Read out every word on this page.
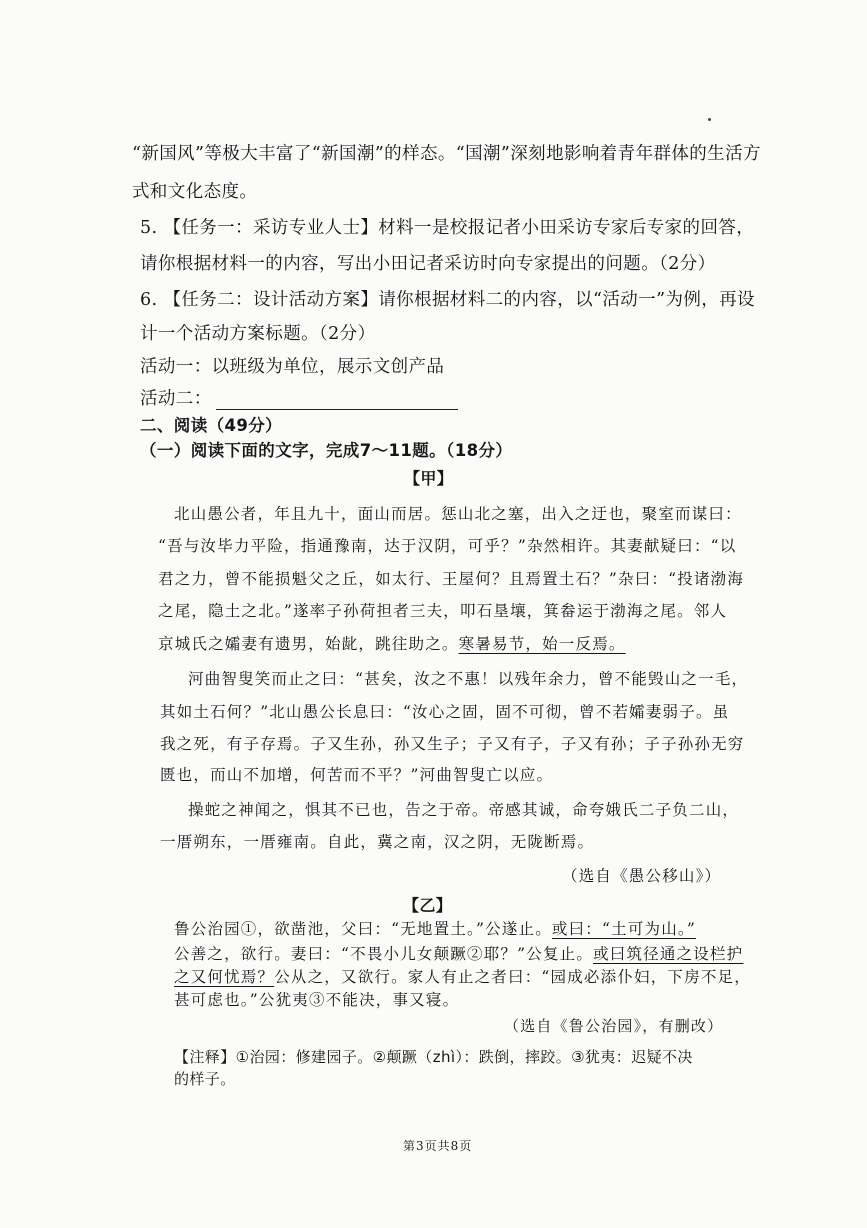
“新国风”等极大丰富了“新国潮”的样态。“国潮”深刻地影响着青年群体的生活方
式和文化态度。
5. 【任务一：采访专业人士】材料一是校报记者小田采访专家后专家的回答，
请你根据材料一的内容，写出小田记者采访时向专家提出的问题。（2分）
6. 【任务二：设计活动方案】请你根据材料二的内容，以“活动一”为例，再设
计一个活动方案标题。（2分）
活动一：以班级为单位，展示文创产品
活动二：
二、阅读（49分）
（一）阅读下面的文字，完成7～11题。（18分）
【甲】
北山愚公者，年且九十，面山而居。惩山北之塞，出入之迂也，聚室而谋曰：
“吾与汝毕力平险，指通豫南，达于汉阴，可乎？”杂然相许。其妻献疑曰：“以
君之力，曾不能损魁父之丘，如太行、王屋何？且焉置土石？”杂曰：“投诸渤海
之尾，隐土之北。”遂率子孙荷担者三夫，叩石垦壤，箕畚运于渤海之尾。邻人
京城氏之孀妻有遗男，始龀，跳往助之。寒暑易节，始一反焉。
河曲智叟笑而止之曰：“甚矣，汝之不惠！以残年余力，曾不能毁山之一毛，
其如土石何？”北山愚公长息曰：“汝心之固，固不可彻，曾不若孀妻弱子。虽
我之死，有子存焉。子又生孙，孙又生子；子又有子，子又有孙；子子孙孙无穷
匮也，而山不加增，何苦而不平？”河曲智叟亡以应。
操蛇之神闻之，惧其不已也，告之于帝。帝感其诚，命夸娥氏二子负二山，
一厝朔东，一厝雍南。自此，冀之南，汉之阴，无陇断焉。
（选自《愚公移山》）
【乙】
鲁公治园①，欲凿池，父曰：“无地置土。”公遂止。或曰：“土可为山。”
公善之，欲行。妻曰：“不畏小儿女颠蹶②耶？”公复止。或曰筑径通之设栏护
之又何忧焉？公从之，又欲行。家人有止之者曰：“园成必添仆妇，下房不足，
甚可虑也。”公犹夷③不能决，事又寝。
（选自《鲁公治园》，有删改）
【注释】①治园：修建园子。②颠蹶（zhì）：跌倒，摔跤。③犹夷：迟疑不决
的样子。
第3页共8页
